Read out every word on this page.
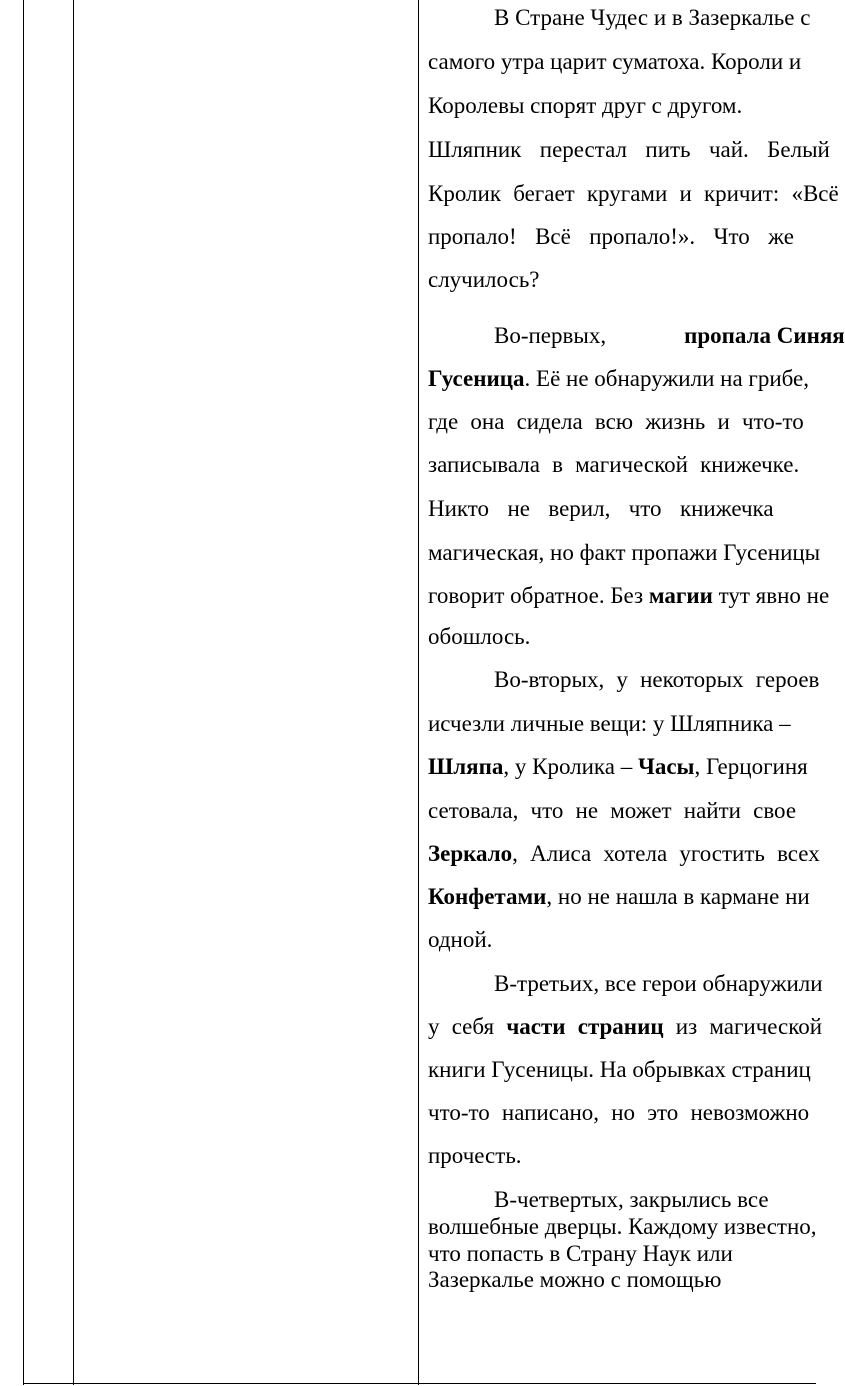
В Стране Чудес и в Зазеркалье с
самого утра царит суматоха. Короли и
Королевы спорят друг с другом.
Шляпник перестал пить чай. Белый
Кролик бегает кругами и кричит: «Всё
пропало! Всё пропало!». Что же
случилось?
Во-первых,	пропала Синяя
Гусеница. Её не обнаружили на грибе,
где она сидела всю жизнь и что-то
записывала в магической книжечке.
Никто не верил, что книжечка
магическая, но факт пропажи Гусеницы
говорит обратное. Без магии тут явно не
обошлось.
Во-вторых, у некоторых героев
исчезли личные вещи: у Шляпника –
Шляпа, у Кролика – Часы, Герцогиня
сетовала, что не может найти свое
Зеркало, Алиса хотела угостить всех
Конфетами, но не нашла в кармане ни
одной.
В-третьих, все герои обнаружили
у себя части страниц из магической
книги Гусеницы. На обрывках страниц
что-то написано, но это невозможно
прочесть.
В-четвертых, закрылись все
волшебные дверцы. Каждому известно,
что попасть в Страну Наук или
Зазеркалье можно с помощью
